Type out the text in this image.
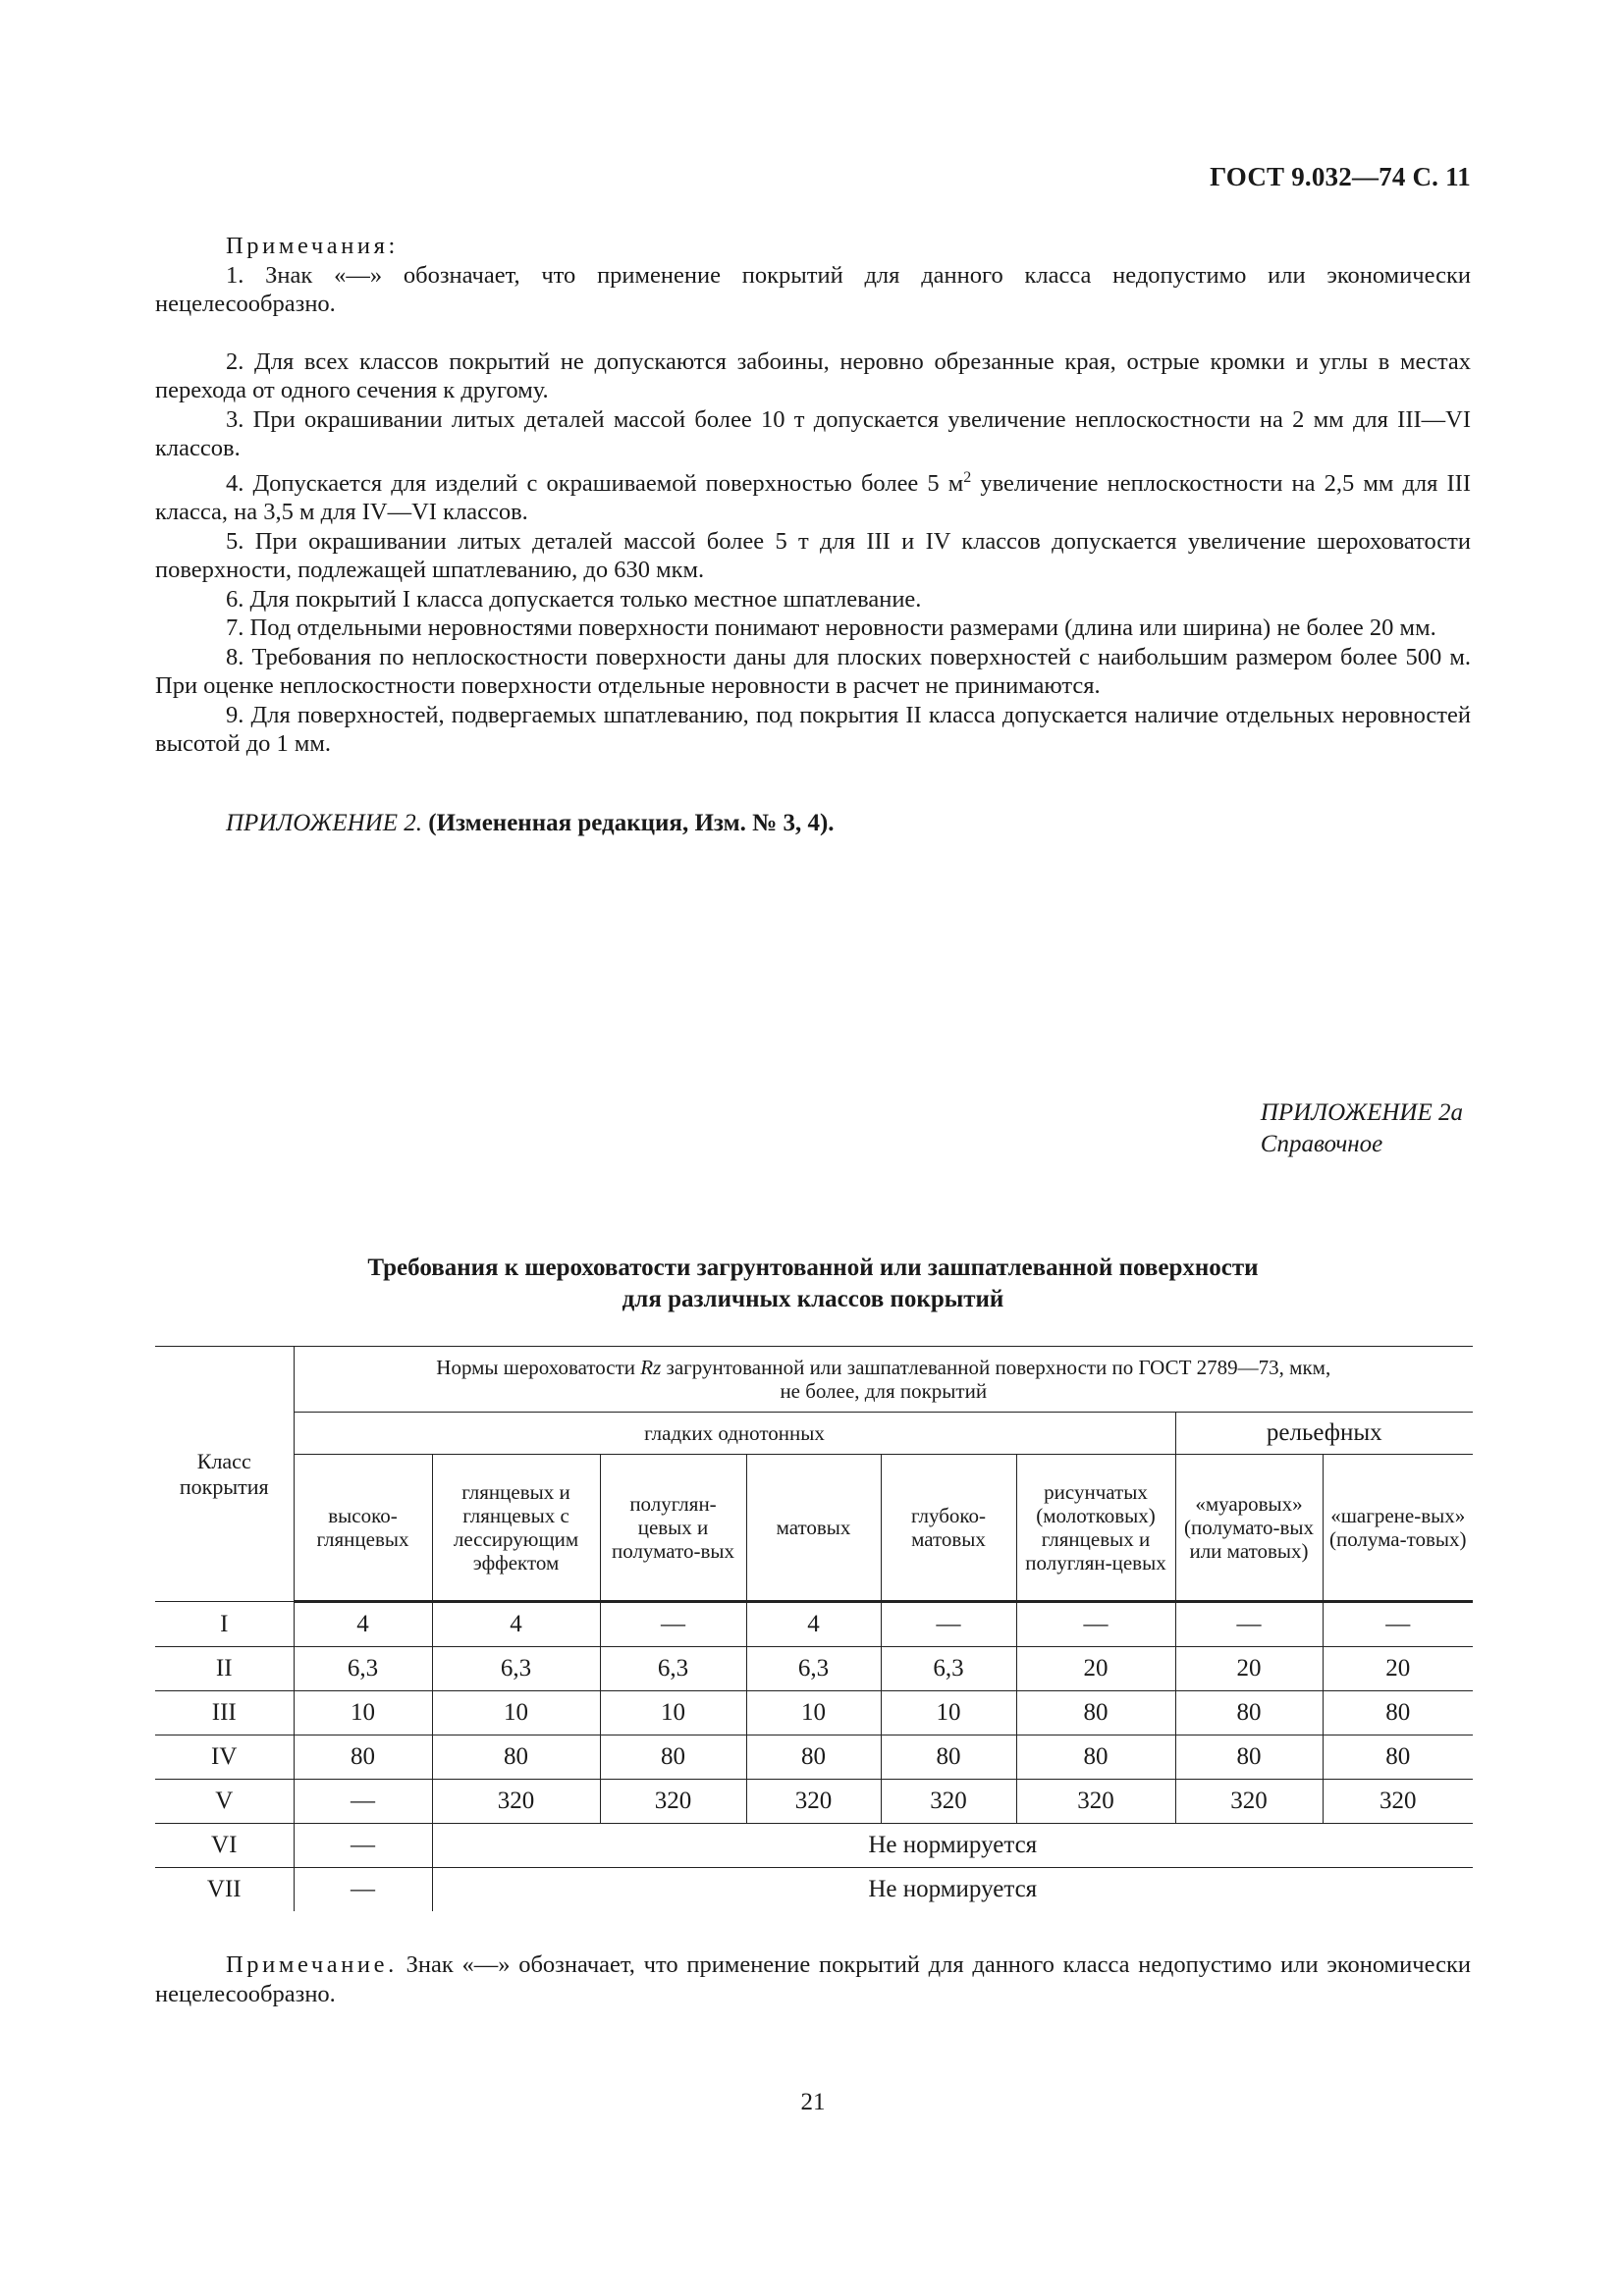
ГОСТ 9.032—74 С. 11

Примечания:

1. Знак «—» обозначает, что применение покрытий для данного класса недопустимо или экономически нецелесообразно.

2. Для всех классов покрытий не допускаются забоины, неровно обрезанные края, острые кромки и углы в местах перехода от одного сечения к другому.

3. При окрашивании литых деталей массой более 10 т допускается увеличение неплоскостности на 2 мм для III—VI классов.

4. Допускается для изделий с окрашиваемой поверхностью более 5 $м^2$ увеличение неплоскостности на 2,5 мм для III класса, на 3,5 м для IV—VI классов.

5. При окрашивании литых деталей массой более 5 т для III и IV классов допускается увеличение шероховатости поверхности, подлежащей шпатлеванию, до 630 мкм.

6. Для покрытий I класса допускается только местное шпатлевание.

7. Под отдельными неровностями поверхности понимают неровности размерами (длина или ширина) не более 20 мм.

8. Требования по неплоскостности поверхности даны для плоских поверхностей с наибольшим размером более 500 м. При оценке неплоскостности поверхности отдельные неровности в расчет не принимаются.

9. Для поверхностей, подвергаемых шпатлеванию, под покрытия II класса допускается наличие отдельных неровностей высотой до 1 мм.

ПРИЛОЖЕНИЕ 2. (Измененная редакция, Изм. № 3, 4).
ПРИЛОЖЕНИЕ 2а
Справочное
Требования к шероховатости загрунтованной или зашпатлеванной поверхности
для различных классов покрытий
Класс покрытия	Нормы шероховатости Rz загрунтованной или зашпатлеванной поверхности по ГОСТ 2789—73, мкм,
не более, для покрытий							
	гладких однотонных						рельефных	
	высоко-глянцевых	глянцевых и глянцевых с лессирующим эффектом	полуглян-цевых и полумато-вых	матовых	глубоко-матовых	рисунчатых (молотковых) глянцевых и полуглян-цевых	«муаровых» (полумато-вых или матовых)	«шагрене-вых» (полума-товых)
I	4	4	—	4	—	—	—	—
II	6,3	6,3	6,3	6,3	6,3	20	20	20
III	10	10	10	10	10	80	80	80
IV	80	80	80	80	80	80	80	80
V	—	320	320	320	320	320	320	320
VI	—	Не нормируется						
VII	—	Не нормируется						
Примечание. Знак «—» обозначает, что применение покрытий для данного класса недопустимо или экономически нецелесообразно.
21
